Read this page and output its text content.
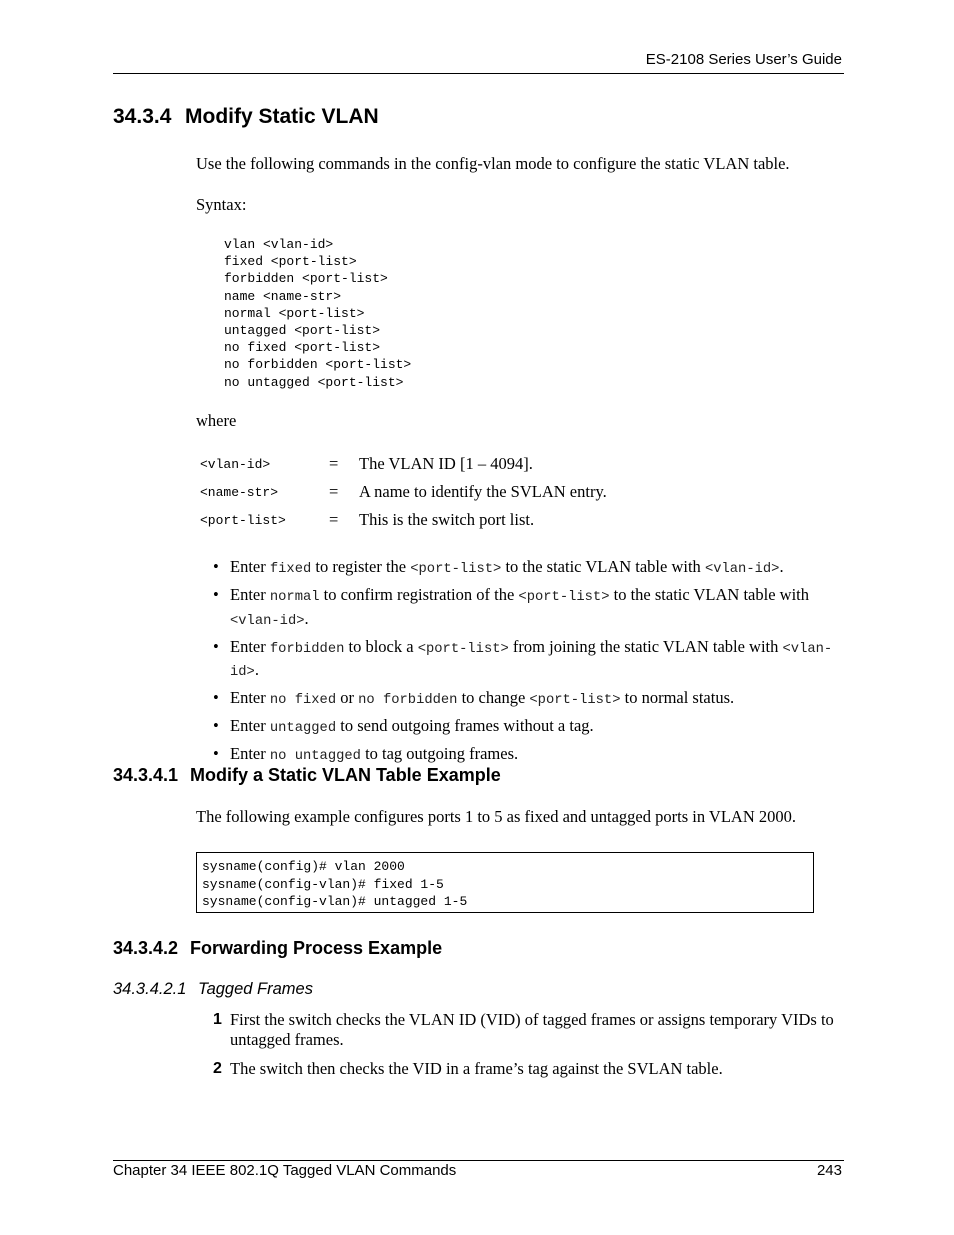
ES-2108 Series User’s Guide
34.3.4 Modify Static VLAN
Use the following commands in the config-vlan mode to configure the static VLAN table.
Syntax:
vlan <vlan-id>
fixed <port-list>
forbidden <port-list>
name <name-str>
normal <port-list>
untagged <port-list>
no fixed <port-list>
no forbidden <port-list>
no untagged <port-list>
where
<vlan-id>	= The VLAN ID [1 – 4094].
<name-str>	= A name to identify the SVLAN entry.
<port-list>	= This is the switch port list.
• Enter fixed to register the <port-list> to the static VLAN table with <vlan-id>.
• Enter normal to confirm registration of the <port-list> to the static VLAN table with <vlan-id>.
• Enter forbidden to block a <port-list> from joining the static VLAN table with <vlan-id>.
• Enter no fixed or no forbidden to change <port-list> to normal status.
• Enter untagged to send outgoing frames without a tag.
• Enter no untagged to tag outgoing frames.
34.3.4.1 Modify a Static VLAN Table Example
The following example configures ports 1 to 5 as fixed and untagged ports in VLAN 2000.
sysname(config)# vlan 2000
sysname(config-vlan)# fixed 1-5
sysname(config-vlan)# untagged 1-5
34.3.4.2 Forwarding Process Example
34.3.4.2.1 Tagged Frames
1 First the switch checks the VLAN ID (VID) of tagged frames or assigns temporary VIDs to untagged frames.
2 The switch then checks the VID in a frame’s tag against the SVLAN table.
Chapter 34 IEEE 802.1Q Tagged VLAN Commands	243
